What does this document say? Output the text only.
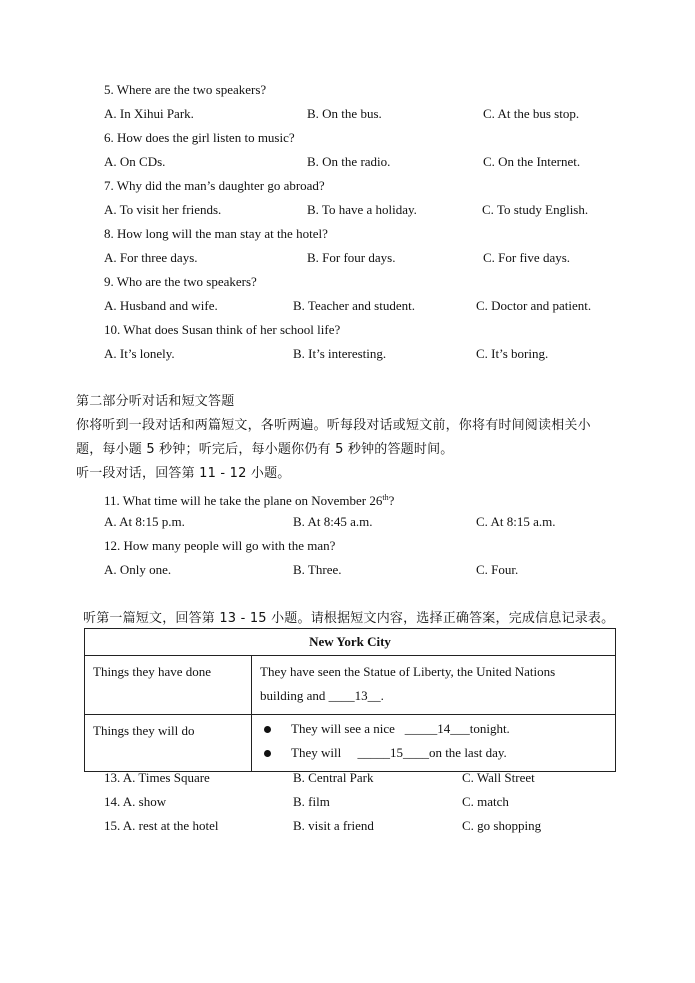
5. Where are the two speakers?
A. In Xihui Park.	B. On the bus.	C. At the bus stop.
6. How does the girl listen to music?
A. On CDs.	B. On the radio.	C. On the Internet.
7. Why did the man’s daughter go abroad?
A. To visit her friends.	B. To have a holiday.	C. To study English.
8. How long will the man stay at the hotel?
A. For three days.	B. For four days.	C. For five days.
9. Who are the two speakers?
A. Husband and wife.	B. Teacher and student.	C. Doctor and patient.
10. What does Susan think of her school life?
A. It’s lonely.	B. It’s interesting.	C. It’s boring.
第二部分听对话和短文答题
你将听到一段对话和两篇短文，各听两遍。听每段对话或短文前，你将有时间阅读相关小
题，每小题 5 秒钟；听完后，每小题你仍有 5 秒钟的答题时间。
听一段对话，回答第 11 - 12 小题。
11. What time will he take the plane on November 26th?
A. At 8:15 p.m.	B. At 8:45 a.m.	C. At 8:15 a.m.
12. How many people will go with the man?
A. Only one.	B. Three.	C. Four.
听第一篇短文，回答第 13 - 15 小题。请根据短文内容，选择正确答案，完成信息记录表。
New York City	
Things they have done	They have seen the Statue of Liberty, the United Nations
building and ____13__.

Things they will do	They will see a nice   _____14___tonight.
They will     _____15____on the last day.
13. A. Times Square	B. Central Park	C. Wall Street
14. A. show	B. film	C. match
15. A. rest at the hotel	B. visit a friend	C. go shopping
